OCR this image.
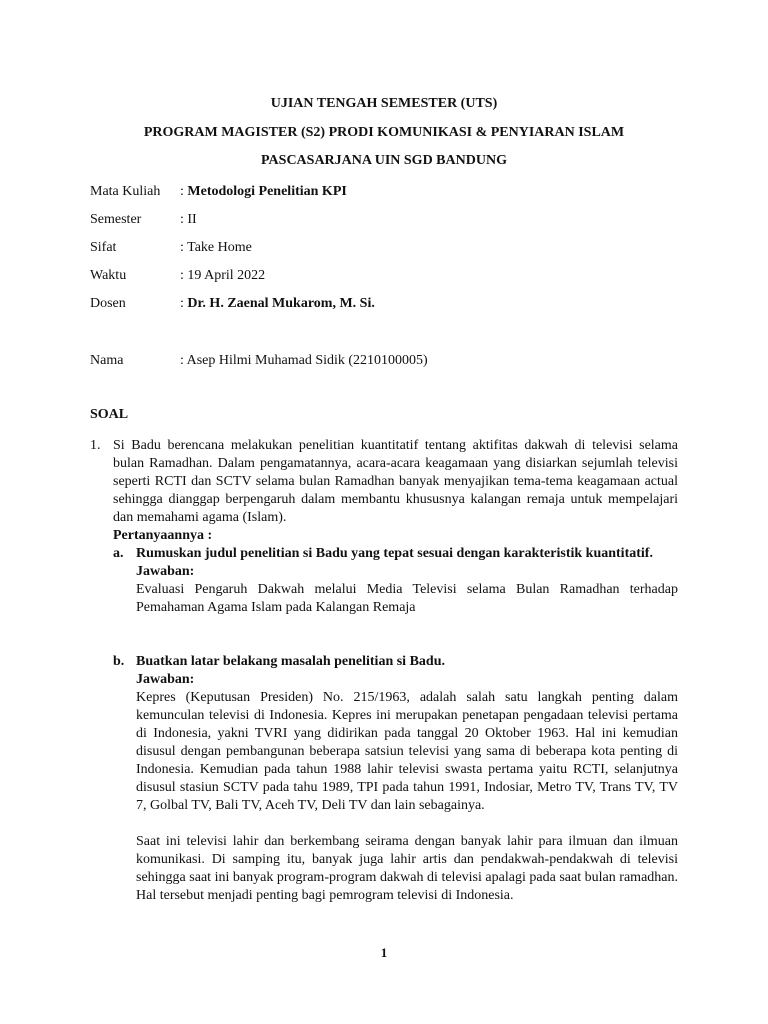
UJIAN TENGAH SEMESTER (UTS)
PROGRAM MAGISTER (S2) PRODI KOMUNIKASI & PENYIARAN ISLAM
PASCASARJANA UIN SGD BANDUNG
Mata Kuliah : Metodologi Penelitian KPI
Semester	: II
Sifat	: Take Home
Waktu	: 19 April 2022
Dosen	: Dr. H. Zaenal Mukarom, M. Si.
Nama	: Asep Hilmi Muhamad Sidik (2210100005)
SOAL
1. Si Badu berencana melakukan penelitian kuantitatif tentang aktifitas dakwah di televisi selama bulan Ramadhan. Dalam pengamatannya, acara-acara keagamaan yang disiarkan sejumlah televisi seperti RCTI dan SCTV selama bulan Ramadhan banyak menyajikan tema-tema keagamaan actual sehingga dianggap berpengaruh dalam membantu khususnya kalangan remaja untuk mempelajari dan memahami agama (Islam).

Pertanyaannya :

a. Rumuskan judul penelitian si Badu yang tepat sesuai dengan karakteristik kuantitatif.

Jawaban:

Evaluasi Pengaruh Dakwah melalui Media Televisi selama Bulan Ramadhan terhadap Pemahaman Agama Islam pada Kalangan Remaja

b. Buatkan latar belakang masalah penelitian si Badu.

Jawaban:

Kepres (Keputusan Presiden) No. 215/1963, adalah salah satu langkah penting dalam kemunculan televisi di Indonesia. Kepres ini merupakan penetapan pengadaan televisi pertama di Indonesia, yakni TVRI yang didirikan pada tanggal 20 Oktober 1963. Hal ini kemudian disusul dengan pembangunan beberapa satsiun televisi yang sama di beberapa kota penting di Indonesia. Kemudian pada tahun 1988 lahir televisi swasta pertama yaitu RCTI, selanjutnya disusul stasiun SCTV pada tahu 1989, TPI pada tahun 1991, Indosiar, Metro TV, Trans TV, TV 7, Golbal TV, Bali TV, Aceh TV, Deli TV dan lain sebagainya.

Saat ini televisi lahir dan berkembang seirama dengan banyak lahir para ilmuan dan ilmuan komunikasi. Di samping itu, banyak juga lahir artis dan pendakwah-pendakwah di televisi sehingga saat ini banyak program-program dakwah di televisi apalagi pada saat bulan ramadhan. Hal tersebut menjadi penting bagi pemrogram televisi di Indonesia.

1
